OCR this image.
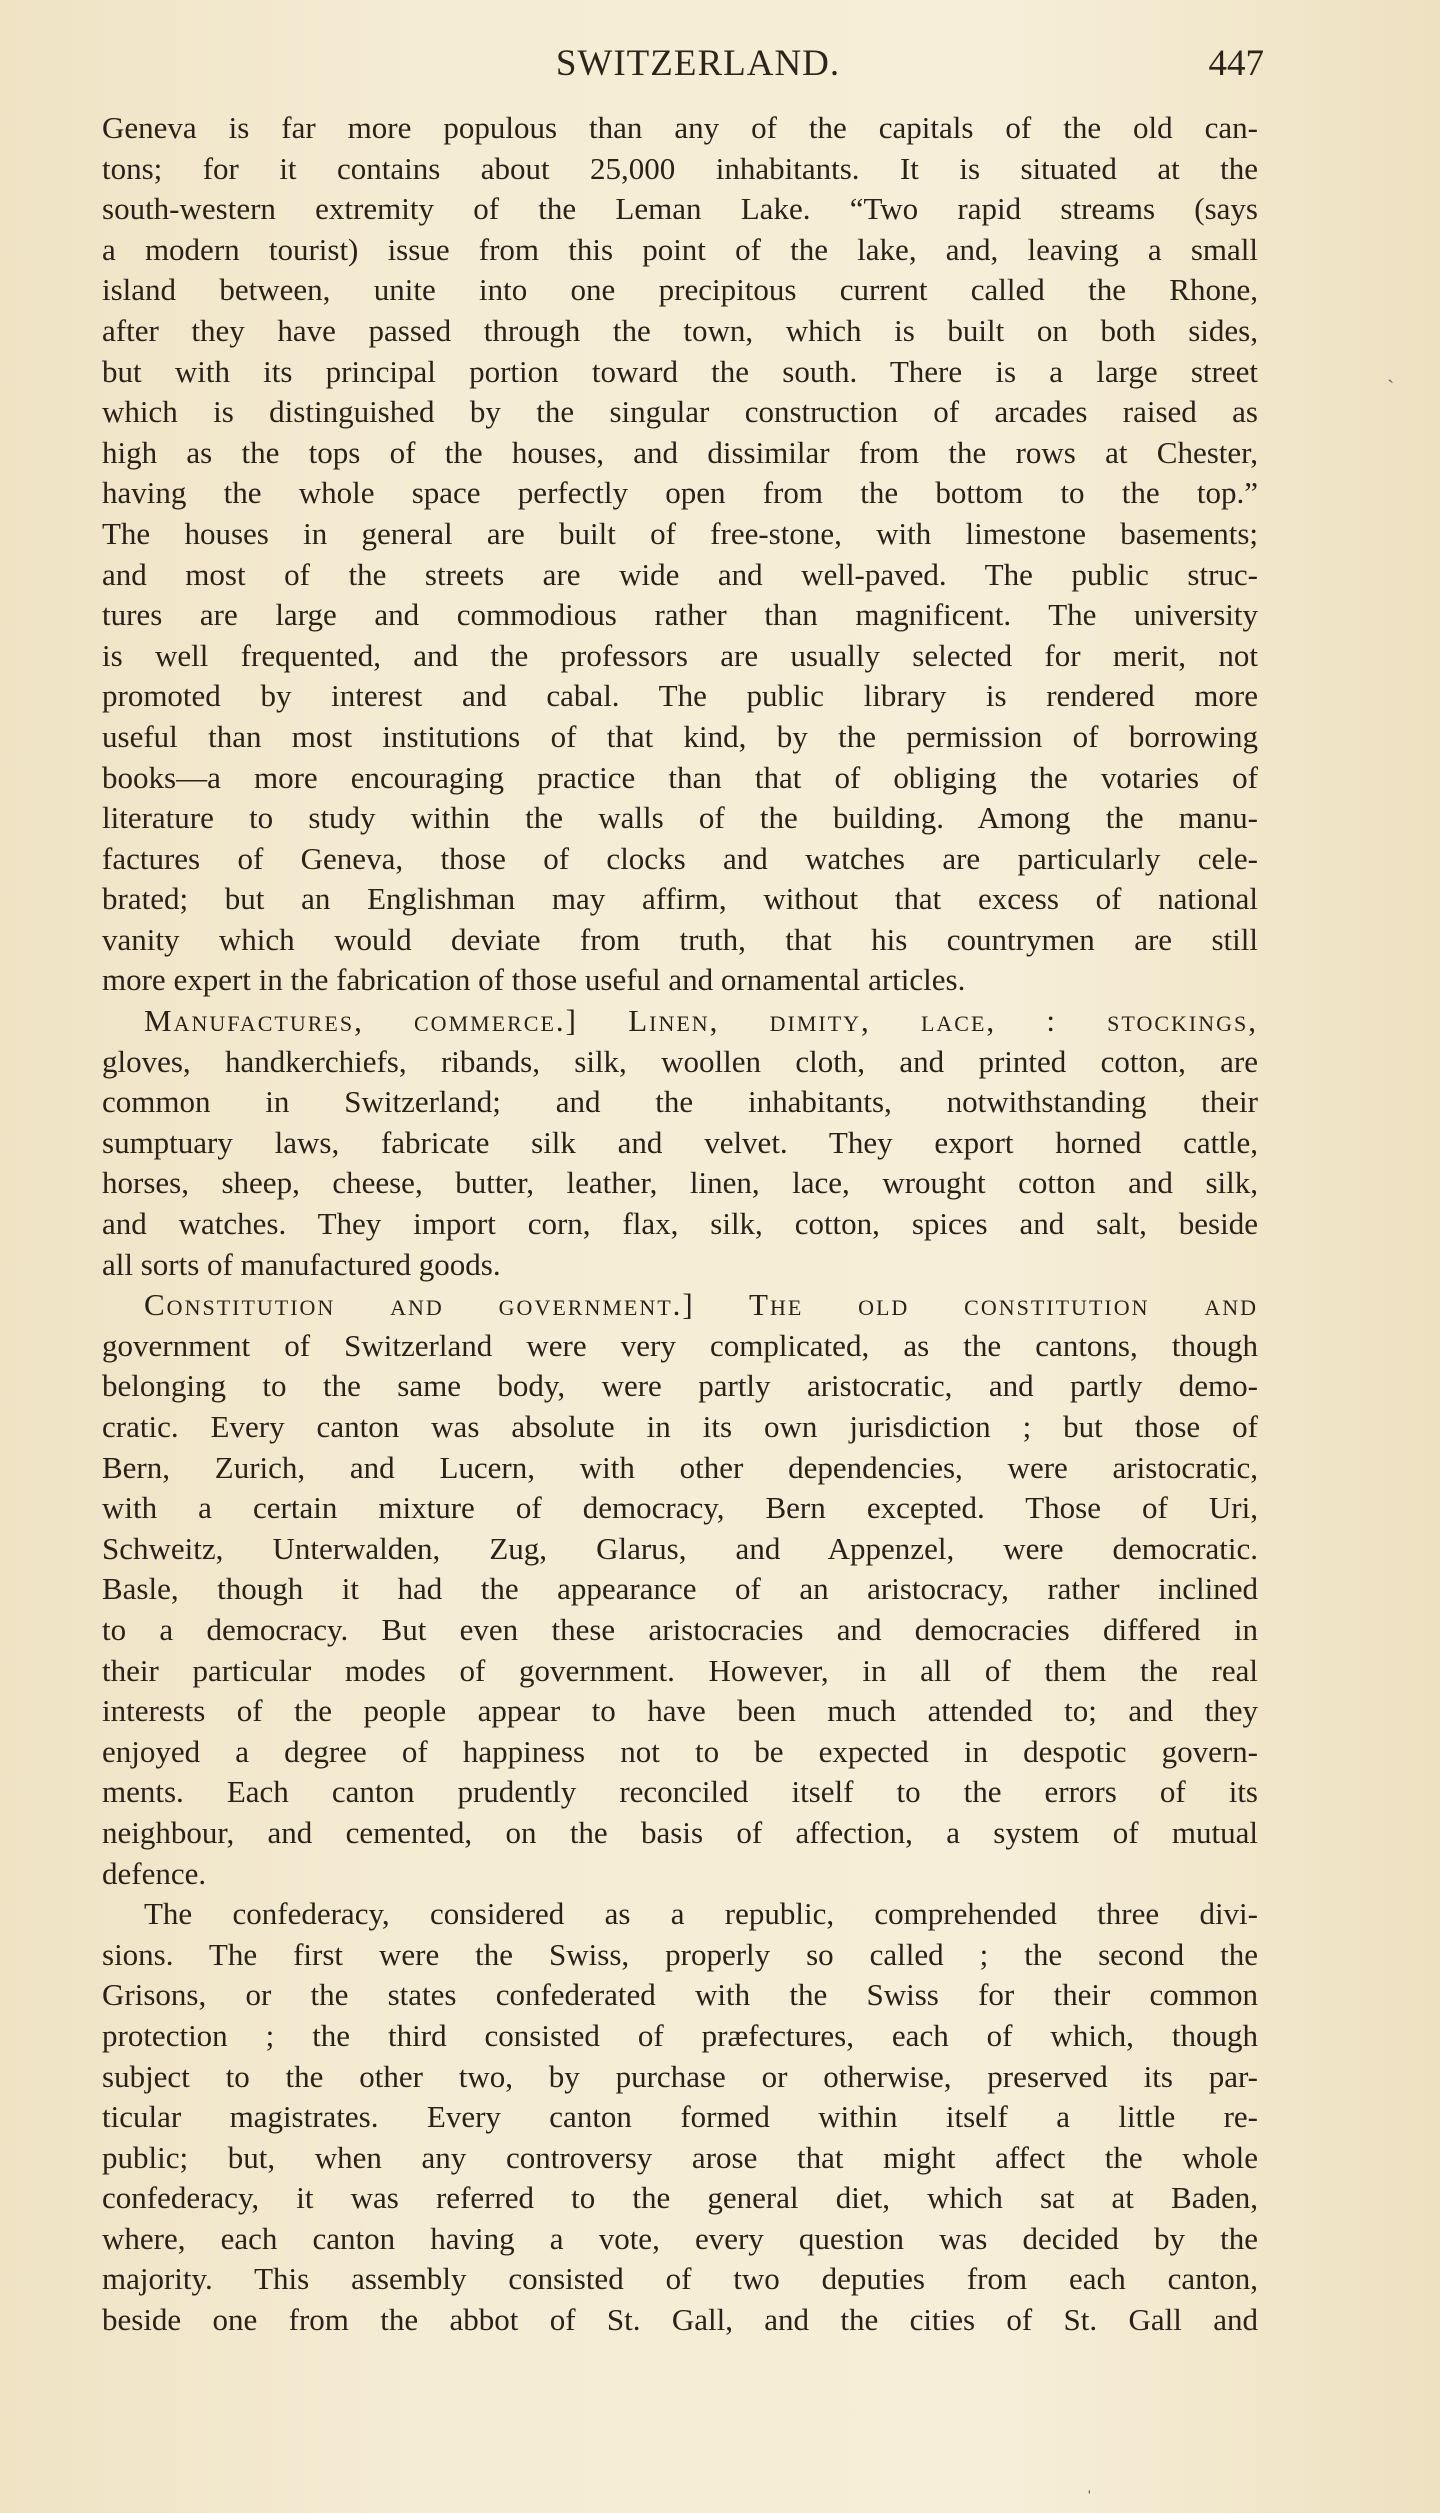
SWITZERLAND.	447
Geneva is far more populous than any of the capitals of the old can-
tons; for it contains about 25,000 inhabitants. It is situated at the
south-western extremity of the Leman Lake. “Two rapid streams (says
a modern tourist) issue from this point of the lake, and, leaving a small
island between, unite into one precipitous current called the Rhone,
after they have passed through the town, which is built on both sides,
but with its principal portion toward the south. There is a large street
which is distinguished by the singular construction of arcades raised as
high as the tops of the houses, and dissimilar from the rows at Chester,
having the whole space perfectly open from the bottom to the top.”
The houses in general are built of free-stone, with limestone basements;
and most of the streets are wide and well-paved. The public struc-
tures are large and commodious rather than magnificent. The university
is well frequented, and the professors are usually selected for merit, not
promoted by interest and cabal. The public library is rendered more
useful than most institutions of that kind, by the permission of borrowing
books—a more encouraging practice than that of obliging the votaries of
literature to study within the walls of the building. Among the manu-
factures of Geneva, those of clocks and watches are particularly cele-
brated; but an Englishman may affirm, without that excess of national
vanity which would deviate from truth, that his countrymen are still
more expert in the fabrication of those useful and ornamental articles.
Manufactures, commerce.] Linen, dimity, lace, : stockings,
gloves, handkerchiefs, ribands, silk, woollen cloth, and printed cotton, are
common in Switzerland; and the inhabitants, notwithstanding their
sumptuary laws, fabricate silk and velvet. They export horned cattle,
horses, sheep, cheese, butter, leather, linen, lace, wrought cotton and silk,
and watches. They import corn, flax, silk, cotton, spices and salt, beside
all sorts of manufactured goods.
Constitution and government.] The old constitution and
government of Switzerland were very complicated, as the cantons, though
belonging to the same body, were partly aristocratic, and partly demo-
cratic. Every canton was absolute in its own jurisdiction ; but those of
Bern, Zurich, and Lucern, with other dependencies, were aristocratic,
with a certain mixture of democracy, Bern excepted. Those of Uri,
Schweitz, Unterwalden, Zug, Glarus, and Appenzel, were democratic.
Basle, though it had the appearance of an aristocracy, rather inclined
to a democracy. But even these aristocracies and democracies differed in
their particular modes of government. However, in all of them the real
interests of the people appear to have been much attended to; and they
enjoyed a degree of happiness not to be expected in despotic govern-
ments. Each canton prudently reconciled itself to the errors of its
neighbour, and cemented, on the basis of affection, a system of mutual
defence.
The confederacy, considered as a republic, comprehended three divi-
sions. The first were the Swiss, properly so called ; the second the
Grisons, or the states confederated with the Swiss for their common
protection ; the third consisted of præfectures, each of which, though
subject to the other two, by purchase or otherwise, preserved its par-
ticular magistrates. Every canton formed within itself a little re-
public; but, when any controversy arose that might affect the whole
confederacy, it was referred to the general diet, which sat at Baden,
where, each canton having a vote, every question was decided by the
majority. This assembly consisted of two deputies from each canton,
beside one from the abbot of St. Gall, and the cities of St. Gall and
ˏ
ˌ
